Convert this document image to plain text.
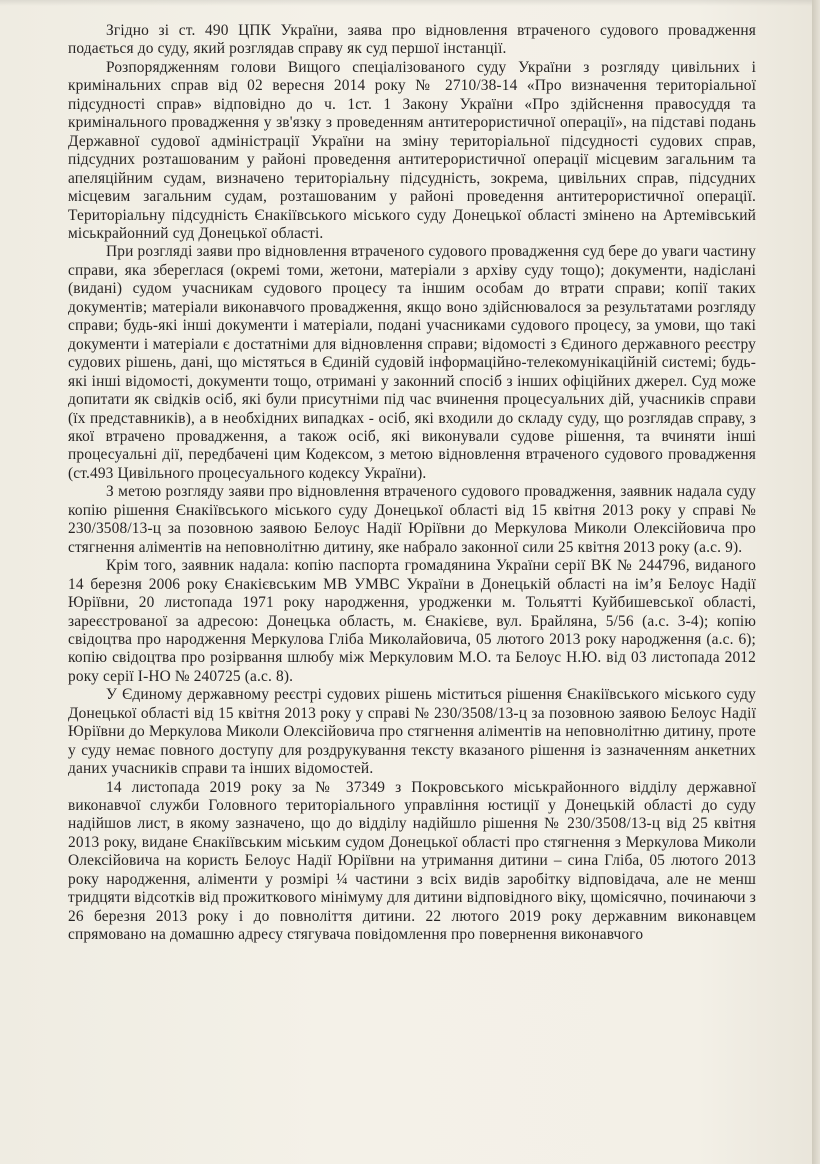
Згідно зі ст. 490 ЦПК України, заява про відновлення втраченого судового провадження подається до суду, який розглядав справу як суд першої інстанції.

Розпорядженням голови Вищого спеціалізованого суду України з розгляду цивільних і кримінальних справ від 02 вересня 2014 року № 2710/38-14 «Про визначення територіальної підсудності справ» відповідно до ч. 1ст. 1 Закону України «Про здійснення правосуддя та кримінального провадження у зв'язку з проведенням антитерористичної операції», на підставі подань Державної судової адміністрації України на зміну територіальної підсудності судових справ, підсудних розташованим у районі проведення антитерористичної операції місцевим загальним та апеляційним судам, визначено територіальну підсудність, зокрема, цивільних справ, підсудних місцевим загальним судам, розташованим у районі проведення антитерористичної операції. Територіальну підсудність Єнакіївського міського суду Донецької області змінено на Артемівський міськрайонний суд Донецької області.

При розгляді заяви про відновлення втраченого судового провадження суд бере до уваги частину справи, яка збереглася (окремі томи, жетони, матеріали з архіву суду тощо); документи, надіслані (видані) судом учасникам судового процесу та іншим особам до втрати справи; копії таких документів; матеріали виконавчого провадження, якщо воно здійснювалося за результатами розгляду справи; будь-які інші документи і матеріали, подані учасниками судового процесу, за умови, що такі документи і матеріали є достатніми для відновлення справи; відомості з Єдиного державного реєстру судових рішень, дані, що містяться в Єдиній судовій інформаційно-телекомунікаційній системі; будь-які інші відомості, документи тощо, отримані у законний спосіб з інших офіційних джерел. Суд може допитати як свідків осіб, які були присутніми під час вчинення процесуальних дій, учасників справи (їх представників), а в необхідних випадках - осіб, які входили до складу суду, що розглядав справу, з якої втрачено провадження, а також осіб, які виконували судове рішення, та вчиняти інші процесуальні дії, передбачені цим Кодексом, з метою відновлення втраченого судового провадження (ст.493 Цивільного процесуального кодексу України).

З метою розгляду заяви про відновлення втраченого судового провадження, заявник надала суду копію рішення Єнакіївського міського суду Донецької області від 15 квітня 2013 року у справі № 230/3508/13-ц за позовною заявою Белоус Надії Юріївни до Меркулова Миколи Олексійовича про стягнення аліментів на неповнолітню дитину, яке набрало законної сили 25 квітня 2013 року (а.с. 9).

Крім того, заявник надала: копію паспорта громадянина України серії ВК № 244796, виданого 14 березня 2006 року Єнакієвським МВ УМВС України в Донецькій області на ім’я Белоус Надії Юріївни, 20 листопада 1971 року народження, уродженки м. Тольятті Куйбишевської області, зареєстрованої за адресою: Донецька область, м. Єнакієве, вул. Брайляна, 5/56 (а.с. 3-4); копію свідоцтва про народження Меркулова Гліба Миколайовича, 05 лютого 2013 року народження (а.с. 6); копію свідоцтва про розірвання шлюбу між Меркуловим М.О. та Белоус Н.Ю. від 03 листопада 2012 року серії І-НО № 240725 (а.с. 8).

У Єдиному державному реєстрі судових рішень міститься рішення Єнакіївського міського суду Донецької області від 15 квітня 2013 року у справі № 230/3508/13-ц за позовною заявою Белоус Надії Юріївни до Меркулова Миколи Олексійовича про стягнення аліментів на неповнолітню дитину, проте у суду немає повного доступу для роздрукування тексту вказаного рішення із зазначенням анкетних даних учасників справи та інших відомостей.

14 листопада 2019 року за № 37349 з Покровського міськрайонного відділу державної виконавчої служби Головного територіального управління юстиції у Донецькій області до суду надійшов лист, в якому зазначено, що до відділу надійшло рішення № 230/3508/13-ц від 25 квітня 2013 року, видане Єнакіївським міським судом Донецької області про стягнення з Меркулова Миколи Олексійовича на користь Белоус Надії Юріївни на утримання дитини – сина Гліба, 05 лютого 2013 року народження, аліменти у розмірі ¼ частини з всіх видів заробітку відповідача, але не менш тридцяти відсотків від прожиткового мінімуму для дитини відповідного віку, щомісячно, починаючи з 26 березня 2013 року і до повноліття дитини. 22 лютого 2019 року державним виконавцем спрямовано на домашню адресу стягувача повідомлення про повернення виконавчого
